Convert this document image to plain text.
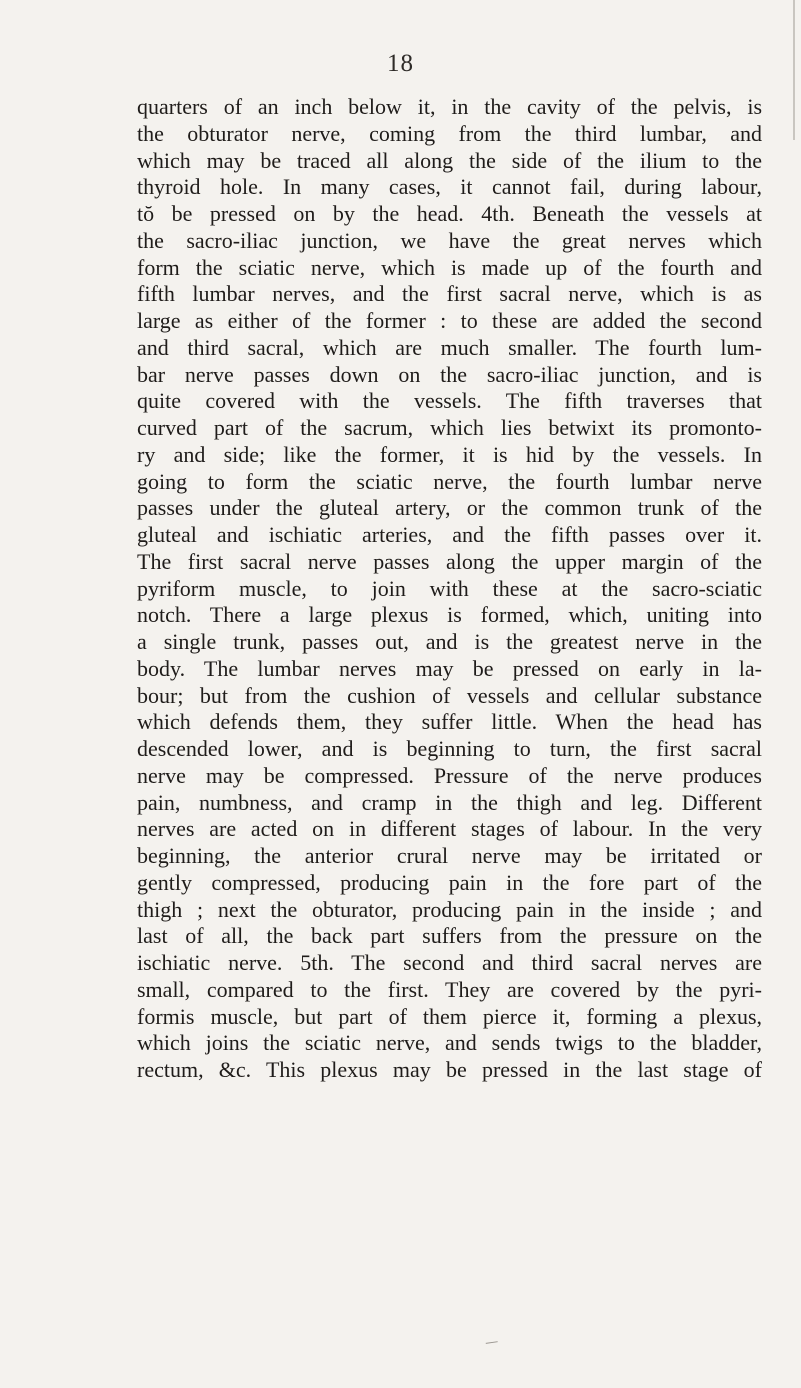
18
quarters of an inch below it, in the cavity of the pelvis, is
the obturator nerve, coming from the third lumbar, and
which may be traced all along the side of the ilium to the
thyroid hole. In many cases, it cannot fail, during labour,
tŏ be pressed on by the head. 4th. Beneath the vessels at
the sacro-iliac junction, we have the great nerves which
form the sciatic nerve, which is made up of the fourth and
fifth lumbar nerves, and the first sacral nerve, which is as
large as either of the former : to these are added the second
and third sacral, which are much smaller. The fourth lum-
bar nerve passes down on the sacro-iliac junction, and is
quite covered with the vessels. The fifth traverses that
curved part of the sacrum, which lies betwixt its promonto-
ry and side; like the former, it is hid by the vessels. In
going to form the sciatic nerve, the fourth lumbar nerve
passes under the gluteal artery, or the common trunk of the
gluteal and ischiatic arteries, and the fifth passes over it.
The first sacral nerve passes along the upper margin of the
pyriform muscle, to join with these at the sacro-sciatic
notch. There a large plexus is formed, which, uniting into
a single trunk, passes out, and is the greatest nerve in the
body. The lumbar nerves may be pressed on early in la-
bour; but from the cushion of vessels and cellular substance
which defends them, they suffer little. When the head has
descended lower, and is beginning to turn, the first sacral
nerve may be compressed. Pressure of the nerve produces
pain, numbness, and cramp in the thigh and leg. Different
nerves are acted on in different stages of labour. In the very
beginning, the anterior crural nerve may be irritated or
gently compressed, producing pain in the fore part of the
thigh ; next the obturator, producing pain in the inside ; and
last of all, the back part suffers from the pressure on the
ischiatic nerve. 5th. The second and third sacral nerves are
small, compared to the first. They are covered by the pyri-
formis muscle, but part of them pierce it, forming a plexus,
which joins the sciatic nerve, and sends twigs to the bladder,
rectum, &c. This plexus may be pressed in the last stage of
